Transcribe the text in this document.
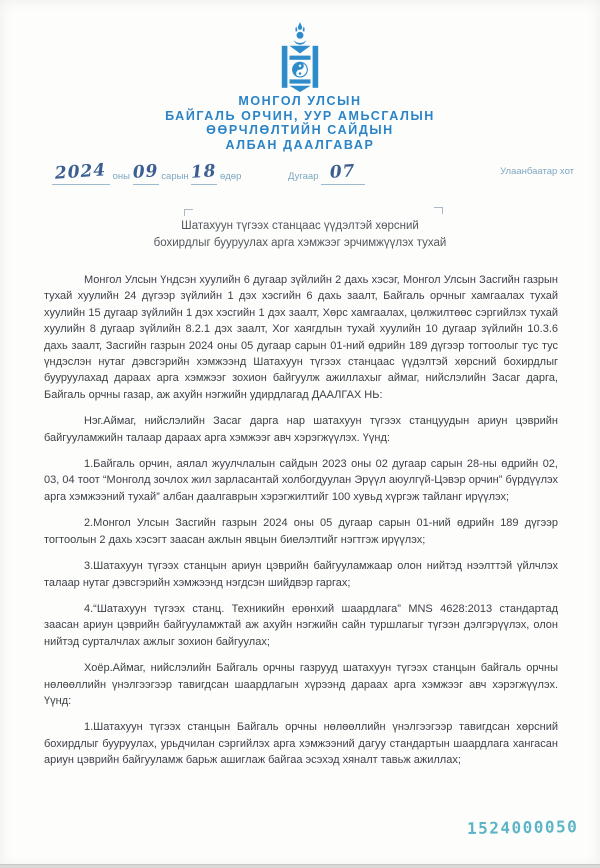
МОНГОЛ УЛСЫН
БАЙГАЛЬ ОРЧИН, УУР АМЬСГАЛЫН
ӨӨРЧЛӨЛТИЙН САЙДЫН
АЛБАН ДААЛГАВАР
2024 оны 09 сарын 18 өдөр	Дугаар 07	Улаанбаатар хот
Шатахуун түгээх станцаас үүдэлтэй хөрсний
бохирдлыг бууруулах арга хэмжээг эрчимжүүлэх тухай

Монгол Улсын Үндсэн хуулийн 6 дугаар зүйлийн 2 дахь хэсэг, Монгол Улсын Засгийн газрын тухай хуулийн 24 дүгээр зүйлийн 1 дэх хэсгийн 6 дахь заалт, Байгаль орчныг хамгаалах тухай хуулийн 15 дугаар зүйлийн 1 дэх хэсгийн 1 дэх заалт, Хөрс хамгаалах, цөлжилтөөс сэргийлэх тухай хуулийн 8 дугаар зүйлийн 8.2.1 дэх заалт, Хог хаягдлын тухай хуулийн 10 дугаар зүйлийн 10.3.6 дахь заалт, Засгийн газрын 2024 оны 05 дугаар сарын 01-ний өдрийн 189 дүгээр тогтоолыг тус тус үндэслэн нутаг дэвсгэрийн хэмжээнд Шатахуун түгээх станцаас үүдэлтэй хөрсний бохирдлыг бууруулахад дараах арга хэмжээг зохион байгуулж ажиллахыг аймаг, нийслэлийн Засаг дарга, Байгаль орчны газар, аж ахуйн нэгжийн удирдлагад ДААЛГАХ НЬ:

Нэг.Аймаг, нийслэлийн Засаг дарга нар шатахуун түгээх станцуудын ариун цэврийн байгууламжийн талаар дараах арга хэмжээг авч хэрэгжүүлэх. Үүнд:

1.Байгаль орчин, аялал жуулчлалын сайдын 2023 оны 02 дугаар сарын 28-ны өдрийн 02, 03, 04 тоот “Монголд зочлох жил зарласантай холбогдуулан Эрүүл аюулгүй-Цэвэр орчин” бүрдүүлэх арга хэмжээний тухай” албан даалгаврын хэрэгжилтийг 100 хувьд хүргэж тайланг ирүүлэх;

2.Монгол Улсын Засгийн газрын 2024 оны 05 дугаар сарын 01-ний өдрийн 189 дүгээр тогтоолын 2 дахь хэсэгт заасан ажлын явцын биелэлтийг нэгтгэж ирүүлэх;

3.Шатахуун түгээх станцын ариун цэврийн байгууламжаар олон нийтэд нээлттэй үйлчлэх талаар нутаг дэвсгэрийн хэмжээнд нэгдсэн шийдвэр гаргах;

4.“Шатахуун түгээх станц. Техникийн ерөнхий шаардлага” MNS 4628:2013 стандартад заасан ариун цэврийн байгууламжтай аж ахуйн нэгжийн сайн туршлагыг түгээн дэлгэрүүлэх, олон нийтэд сурталчлах ажлыг зохион байгуулах;

Хоёр.Аймаг, нийслэлийн Байгаль орчны газрууд шатахуун түгээх станцын байгаль орчны нөлөөллийн үнэлгээгээр тавигдсан шаардлагын хүрээнд дараах арга хэмжээг авч хэрэгжүүлэх. Үүнд:

1.Шатахуун түгээх станцын Байгаль орчны нөлөөллийн үнэлгээгээр тавигдсан хөрсний бохирдлыг бууруулах, урьдчилан сэргийлэх арга хэмжээний дагуу стандартын шаардлага хангасан ариун цэврийн байгууламж барьж ашиглаж байгаа эсэхэд хяналт тавьж ажиллах;

1524000050
